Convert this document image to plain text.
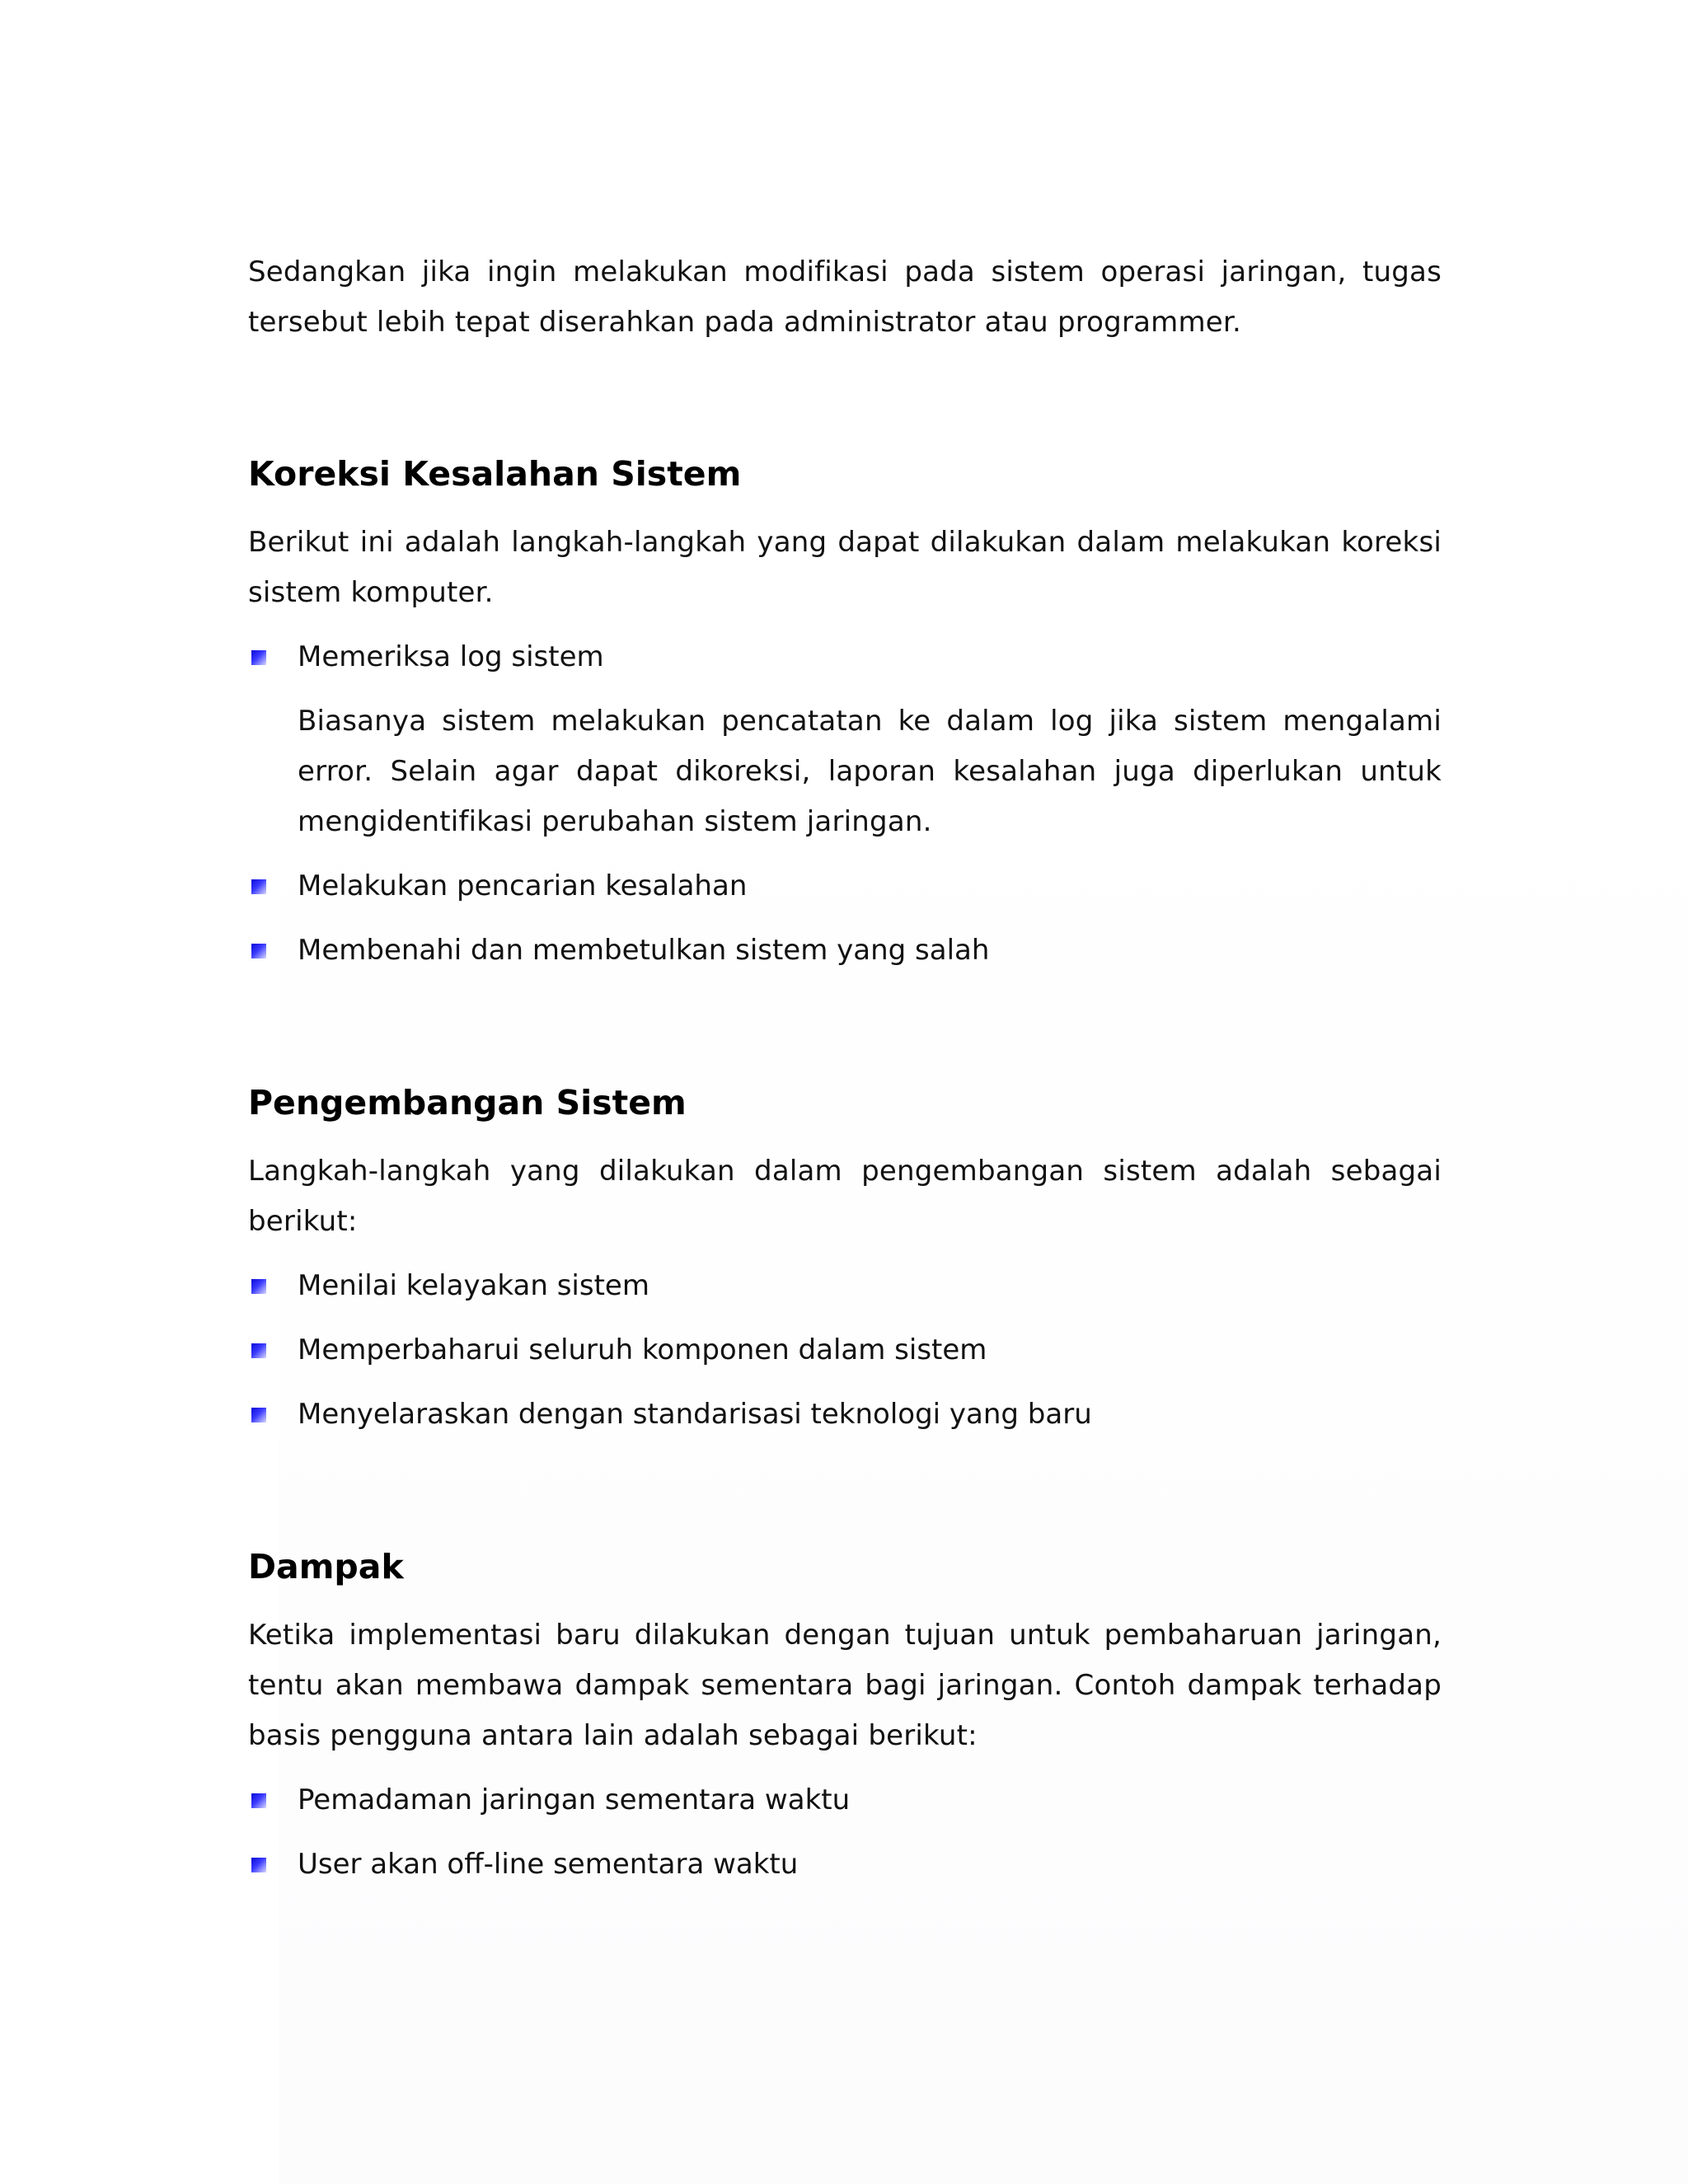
Sedangkan jika ingin melakukan modifikasi pada sistem operasi jaringan, tugas tersebut lebih tepat diserahkan pada administrator atau programmer.

Koreksi Kesalahan Sistem

Berikut ini adalah langkah-langkah yang dapat dilakukan dalam melakukan koreksi sistem komputer.

Memeriksa log sistem

Biasanya sistem melakukan pencatatan ke dalam log jika sistem mengalami error. Selain agar dapat dikoreksi, laporan kesalahan juga diperlukan untuk mengidentifikasi perubahan sistem jaringan.

Melakukan pencarian kesalahan
Membenahi dan membetulkan sistem yang salah
Pengembangan Sistem

Langkah-langkah yang dilakukan dalam pengembangan sistem adalah sebagai berikut:

Menilai kelayakan sistem
Memperbaharui seluruh komponen dalam sistem
Menyelaraskan dengan standarisasi teknologi yang baru
Dampak

Ketika implementasi baru dilakukan dengan tujuan untuk pembaharuan jaringan, tentu akan membawa dampak sementara bagi jaringan. Contoh dampak terhadap basis pengguna antara lain adalah sebagai berikut:

Pemadaman jaringan sementara waktu
User akan off-line sementara waktu
